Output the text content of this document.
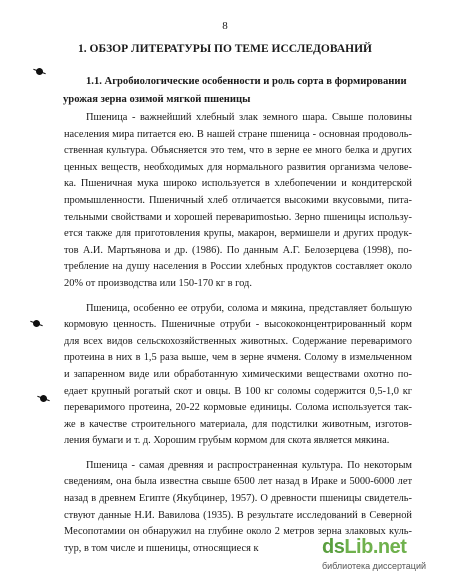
8
1. ОБЗОР ЛИТЕРАТУРЫ ПО ТЕМЕ ИССЛЕДОВАНИЙ
1.1. Агробиологические особенности и роль сорта в формировании
урожая зерна озимой мягкой пшеницы

Пшеница - важнейший хлебный злак земного шара. Свыше половины
населения мира питается ею. В нашей стране пшеница - основная продоволь-
ственная культура. Объясняется это тем, что в зерне ее много белка и других
ценных веществ, необходимых для нормального развития организма челове-
ка. Пшеничная мука широко используется в хлебопечении и кондитерской
промышленности. Пшеничный хлеб отличается высокими вкусовыми, пита-
тельными свойствами и хорошей перевариmostью. Зерно пшеницы использу-
ется также для приготовления крупы, макарон, вермишели и других продук-
тов А.И. Мартьянова и др. (1986). По данным А.Г. Белозерцева (1998), по-
требление на душу населения в России хлебных продуктов составляет около
20% от производства или 150-170 кг в год.

Пшеница, особенно ее отруби, солома и мякина, представляет большую
кормовую ценность. Пшеничные отруби - высококонцентрированный корм
для всех видов сельскохозяйственных животных. Содержание переваримого
протеина в них в 1,5 раза выше, чем в зерне ячменя. Солому в измельченном
и запаренном виде или обработанную химическими веществами охотно по-
едает крупный рогатый скот и овцы. В 100 кг соломы содержится 0,5-1,0 кг
переваримого протеина, 20-22 кормовые единицы. Солома используется так-
же в качестве строительного материала, для подстилки животным, изготов-
ления бумаги и т. д. Хорошим грубым кормом для скота является мякина.

Пшеница - самая древняя и распространенная культура. По некоторым
сведениям, она была известна свыше 6500 лет назад в Ираке и 5000-6000 лет
назад в древнем Египте (Якубцинер, 1957). О древности пшеницы свидетель-
ствуют данные Н.И. Вавилова (1935). В результате исследований в Северной
Месопотамии он обнаружил на глубине около 2 метров зерна злаковых куль-
тур, в том числе и пшеницы, относящиеся к	dsLib.net
библиотека диссертаций
